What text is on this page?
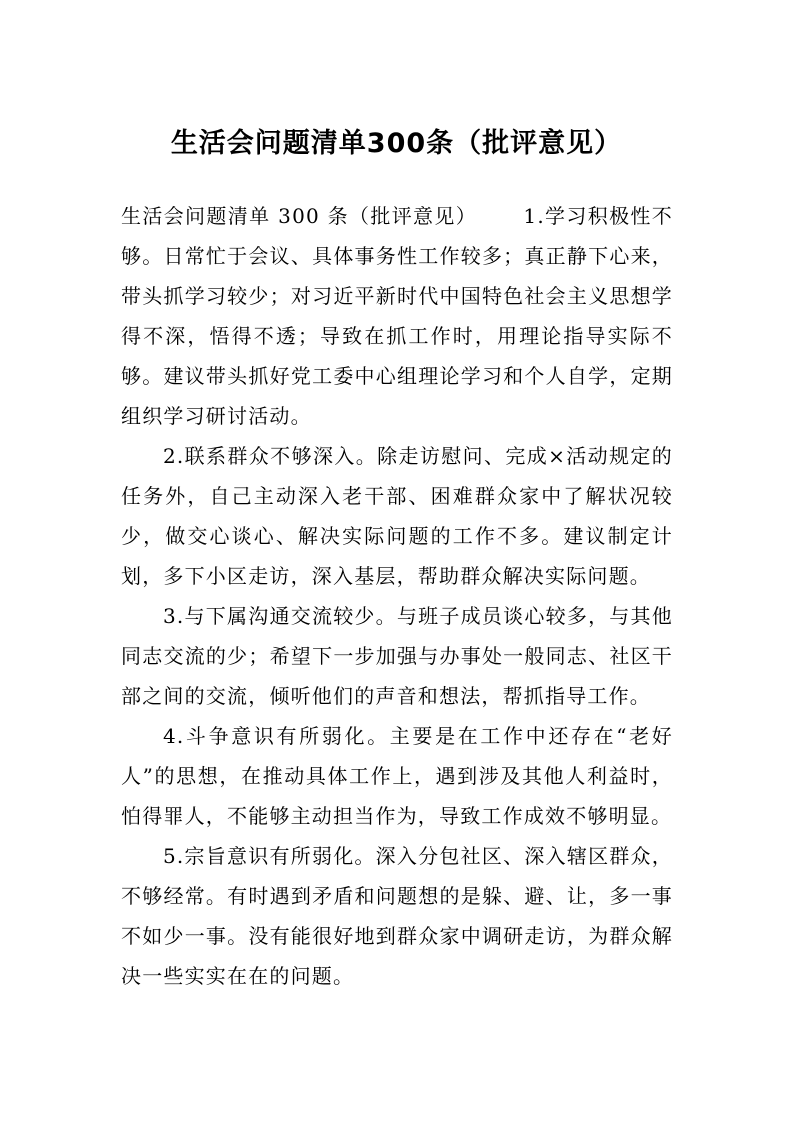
生活会问题清单300条（批评意见）

生活会问题清单 300 条（批评意见） 1.学习积极性不够。日常忙于会议、具体事务性工作较多；真正静下心来，带头抓学习较少；对习近平新时代中国特色社会主义思想学得不深，悟得不透；导致在抓工作时，用理论指导实际不够。建议带头抓好党工委中心组理论学习和个人自学，定期组织学习研讨活动。

2.联系群众不够深入。除走访慰问、完成×活动规定的任务外，自己主动深入老干部、困难群众家中了解状况较少，做交心谈心、解决实际问题的工作不多。建议制定计划，多下小区走访，深入基层，帮助群众解决实际问题。

3.与下属沟通交流较少。与班子成员谈心较多，与其他同志交流的少；希望下一步加强与办事处一般同志、社区干部之间的交流，倾听他们的声音和想法，帮抓指导工作。

4.斗争意识有所弱化。主要是在工作中还存在“老好人”的思想，在推动具体工作上，遇到涉及其他人利益时，怕得罪人，不能够主动担当作为，导致工作成效不够明显。

5.宗旨意识有所弱化。深入分包社区、深入辖区群众，不够经常。有时遇到矛盾和问题想的是躲、避、让，多一事不如少一事。没有能很好地到群众家中调研走访，为群众解决一些实实在在的问题。
